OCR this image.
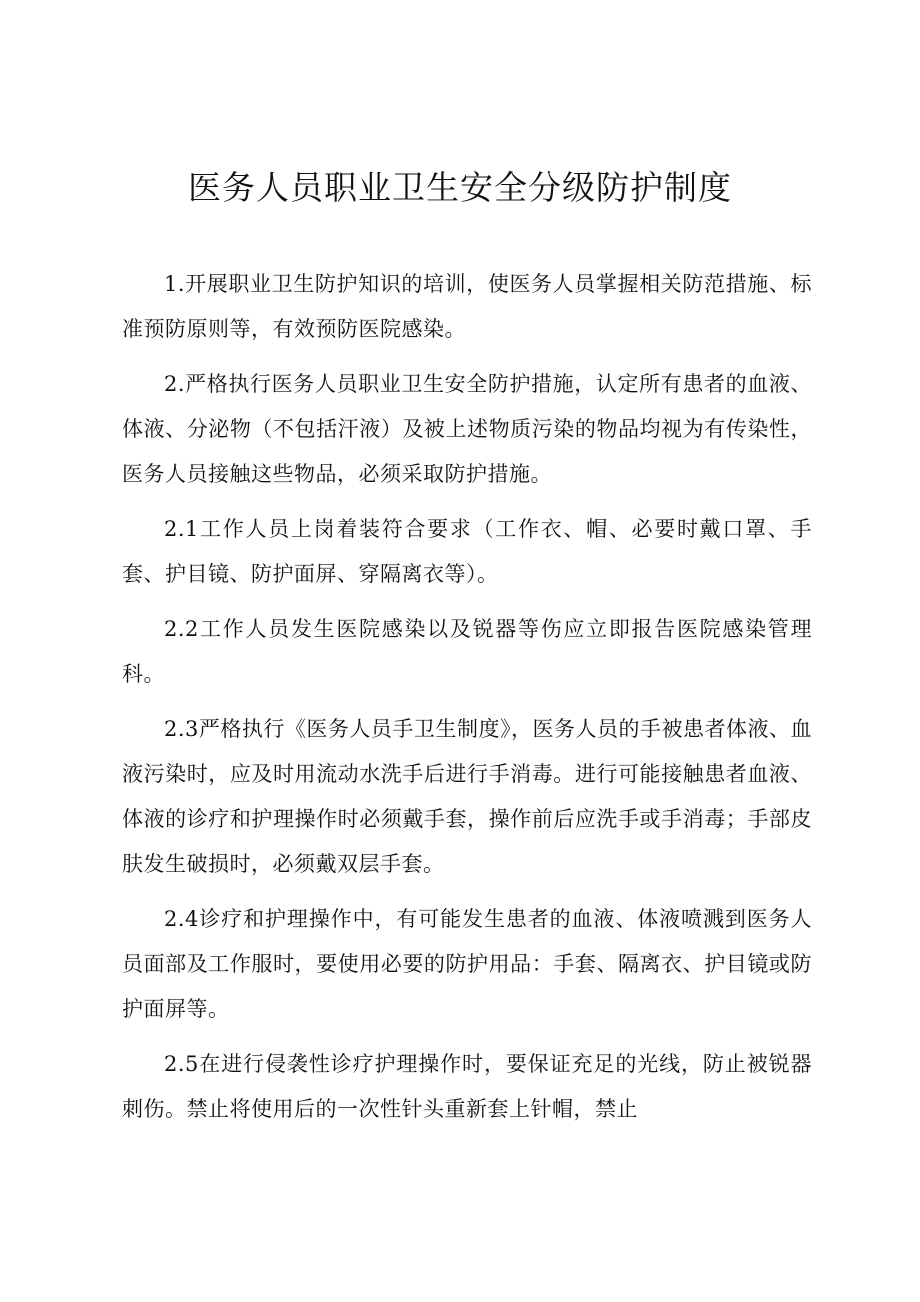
医务人员职业卫生安全分级防护制度

1.开展职业卫生防护知识的培训，使医务人员掌握相关防范措施、标准预防原则等，有效预防医院感染。

2.严格执行医务人员职业卫生安全防护措施，认定所有患者的血液、体液、分泌物（不包括汗液）及被上述物质污染的物品均视为有传染性，医务人员接触这些物品，必须采取防护措施。

2.1工作人员上岗着装符合要求（工作衣、帽、必要时戴口罩、手套、护目镜、防护面屏、穿隔离衣等）。

2.2工作人员发生医院感染以及锐器等伤应立即报告医院感染管理科。

2.3严格执行《医务人员手卫生制度》，医务人员的手被患者体液、血液污染时，应及时用流动水洗手后进行手消毒。进行可能接触患者血液、体液的诊疗和护理操作时必须戴手套，操作前后应洗手或手消毒；手部皮肤发生破损时，必须戴双层手套。

2.4诊疗和护理操作中，有可能发生患者的血液、体液喷溅到医务人员面部及工作服时，要使用必要的防护用品：手套、隔离衣、护目镜或防护面屏等。

2.5在进行侵袭性诊疗护理操作时，要保证充足的光线，防止被锐器刺伤。禁止将使用后的一次性针头重新套上针帽，禁止
